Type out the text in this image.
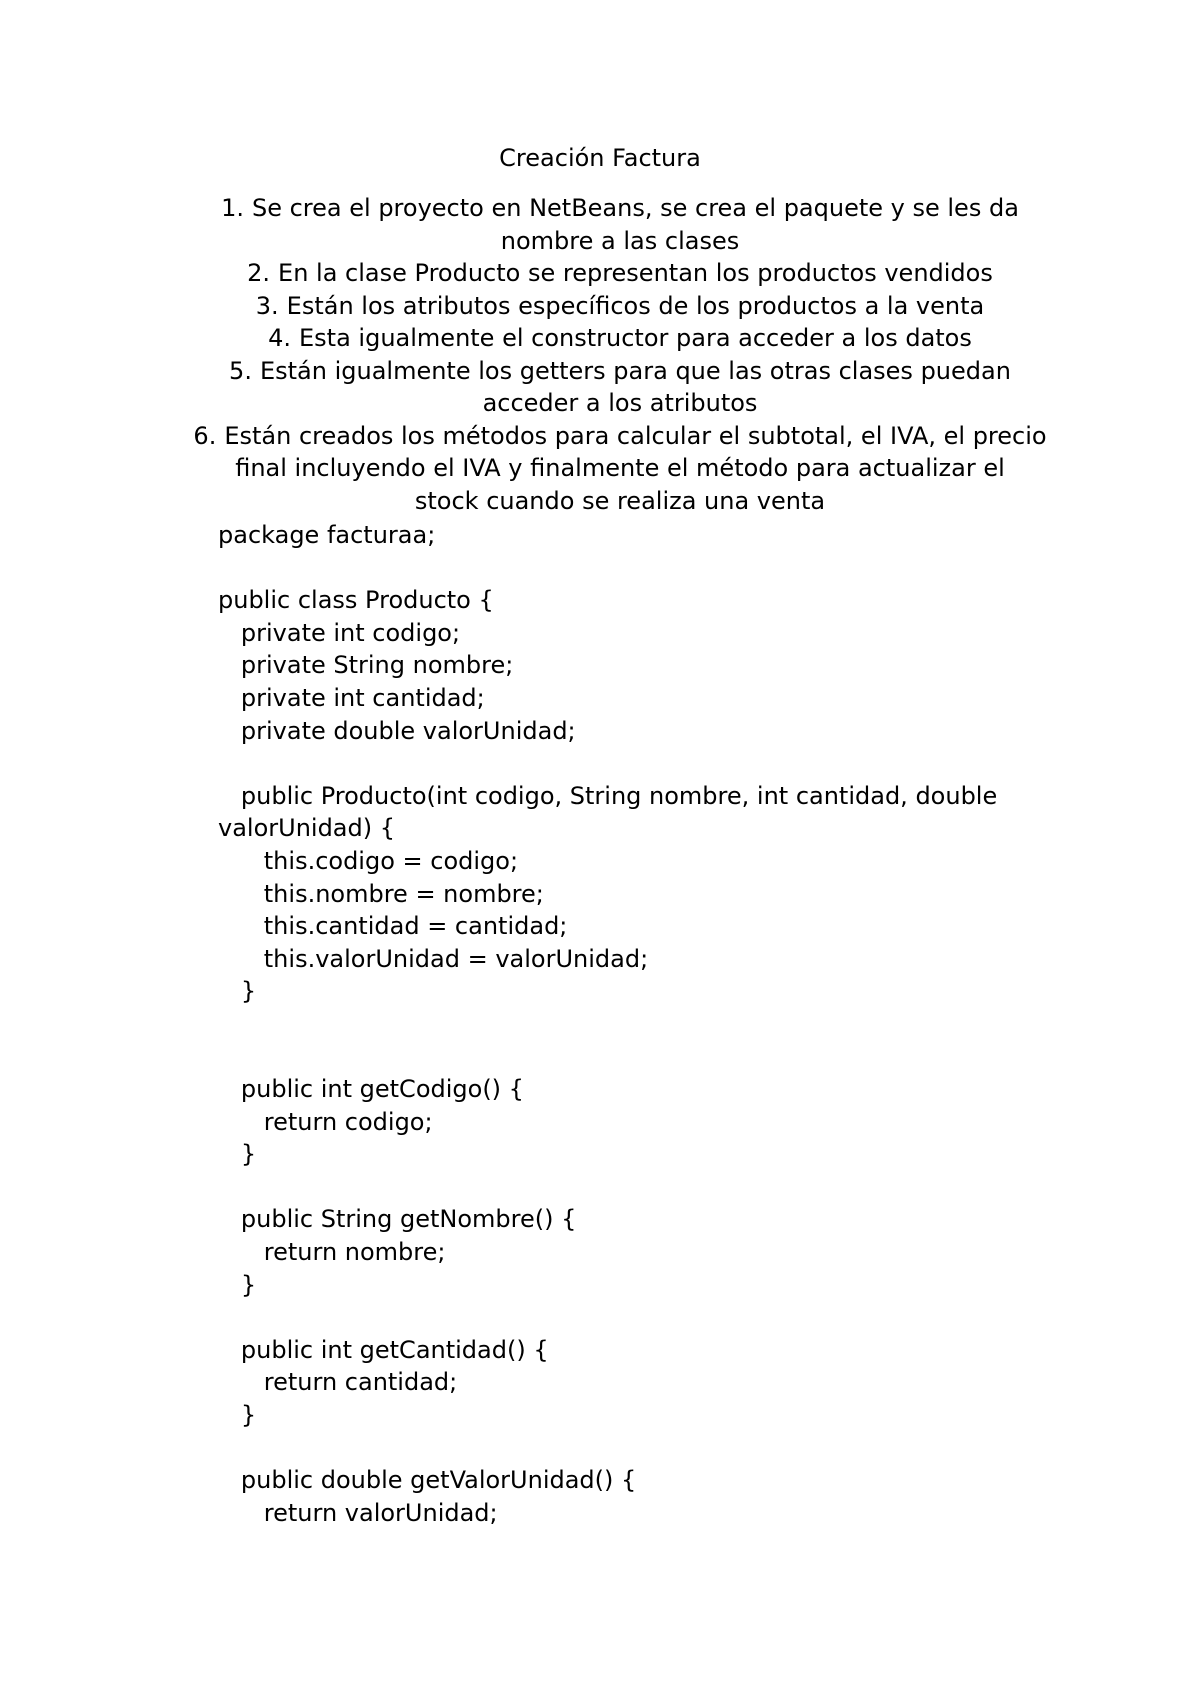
Creación Factura
1. Se crea el proyecto en NetBeans, se crea el paquete y se les da
nombre a las clases
2. En la clase Producto se representan los productos vendidos
3. Están los atributos específicos de los productos a la venta
4. Esta igualmente el constructor para acceder a los datos
5. Están igualmente los getters para que las otras clases puedan
acceder a los atributos
6. Están creados los métodos para calcular el subtotal, el IVA, el precio
final incluyendo el IVA y finalmente el método para actualizar el
stock cuando se realiza una venta
package facturaa;
public class Producto {
private int codigo;
private String nombre;
private int cantidad;
private double valorUnidad;
public Producto(int codigo, String nombre, int cantidad, double
valorUnidad) {
this.codigo = codigo;
this.nombre = nombre;
this.cantidad = cantidad;
this.valorUnidad = valorUnidad;
}
public int getCodigo() {
return codigo;
}
public String getNombre() {
return nombre;
}
public int getCantidad() {
return cantidad;
}
public double getValorUnidad() {
return valorUnidad;
